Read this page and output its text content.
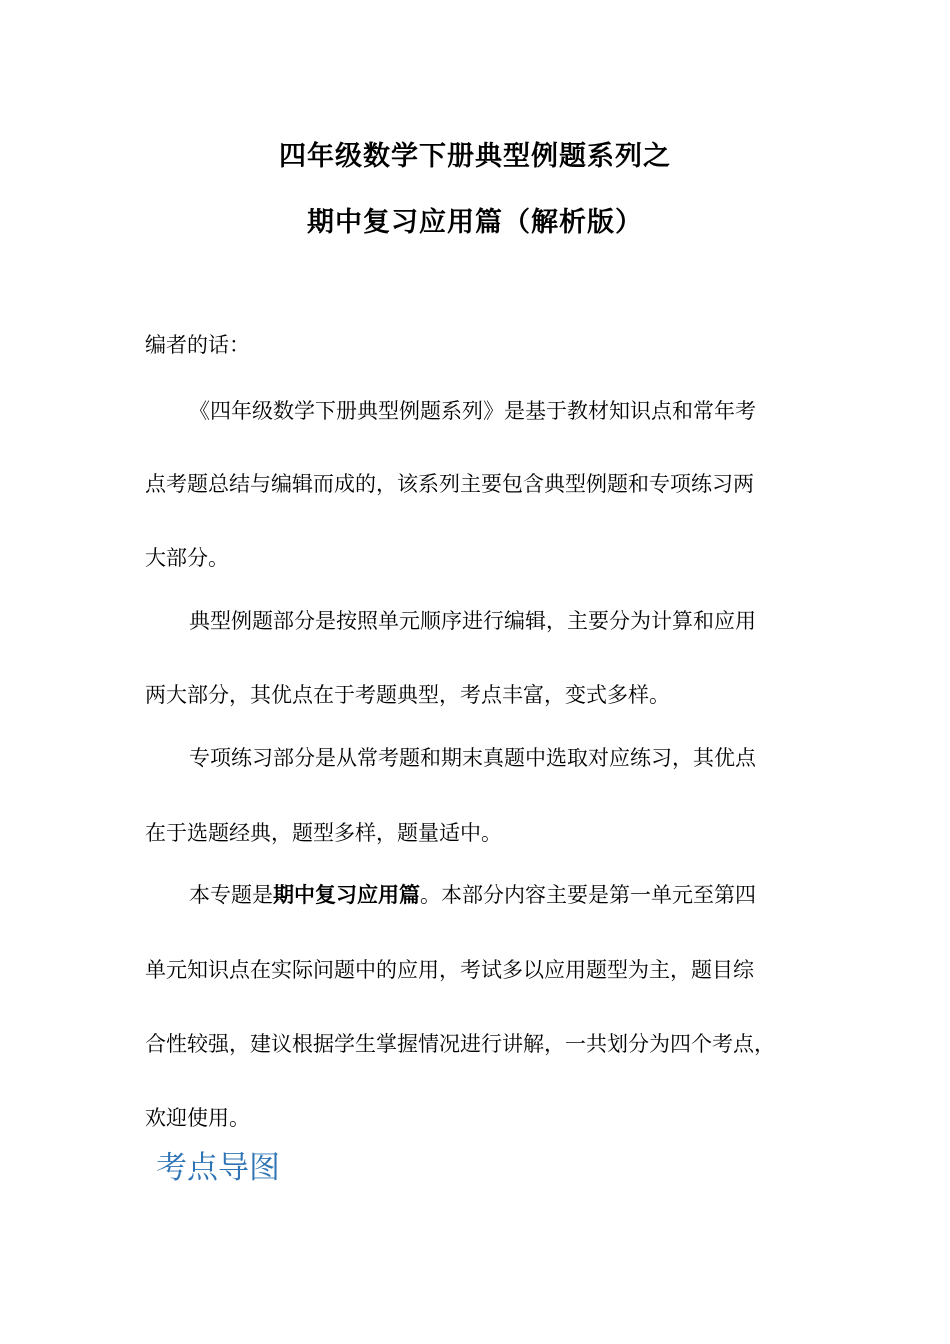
四年级数学下册典型例题系列之
期中复习应用篇（解析版）
编者的话：
《四年级数学下册典型例题系列》是基于教材知识点和常年考
点考题总结与编辑而成的，该系列主要包含典型例题和专项练习两
大部分。
典型例题部分是按照单元顺序进行编辑，主要分为计算和应用
两大部分，其优点在于考题典型，考点丰富，变式多样。
专项练习部分是从常考题和期末真题中选取对应练习，其优点
在于选题经典，题型多样，题量适中。
本专题是期中复习应用篇。本部分内容主要是第一单元至第四
单元知识点在实际问题中的应用，考试多以应用题型为主，题目综
合性较强，建议根据学生掌握情况进行讲解，一共划分为四个考点，
欢迎使用。
考点导图
